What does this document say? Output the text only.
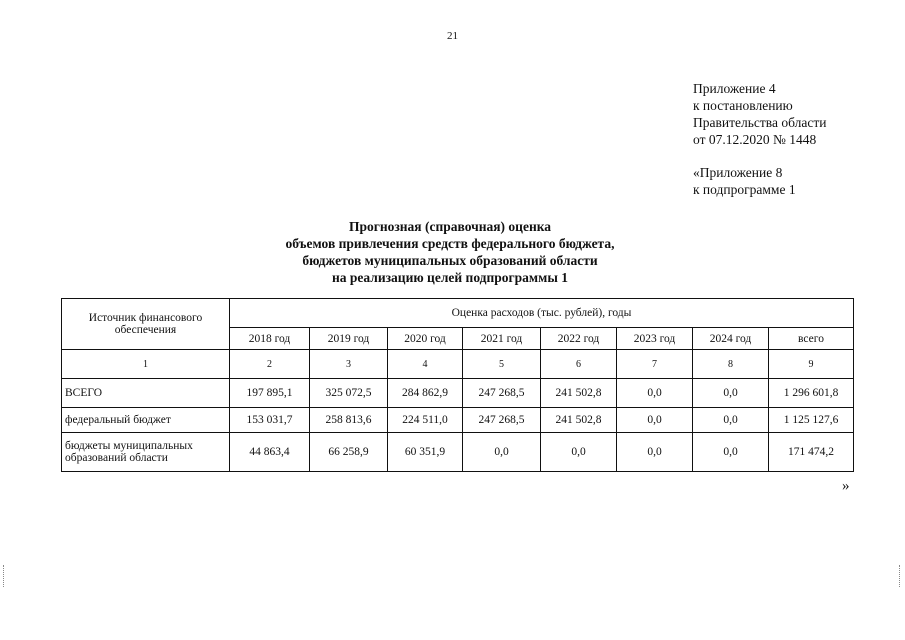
21
Приложение 4
к постановлению
Правительства области
от 07.12.2020 № 1448
«Приложение 8
к подпрограмме 1
Прогнозная (справочная) оценка
объемов привлечения средств федерального бюджета,
бюджетов муниципальных образований области
на реализацию целей подпрограммы 1
Источник финансового обеспечения	Оценка расходов (тыс. рублей), годы							
	2018 год	2019 год	2020 год	2021 год	2022 год	2023 год	2024 год	всего
1	2	3	4	5	6	7	8	9
ВСЕГО	197 895,1	325 072,5	284 862,9	247 268,5	241 502,8	0,0	0,0	1 296 601,8
федеральный бюджет	153 031,7	258 813,6	224 511,0	247 268,5	241 502,8	0,0	0,0	1 125 127,6
бюджеты муниципальных образований области	44 863,4	66 258,9	60 351,9	0,0	0,0	0,0	0,0	171 474,2
»
